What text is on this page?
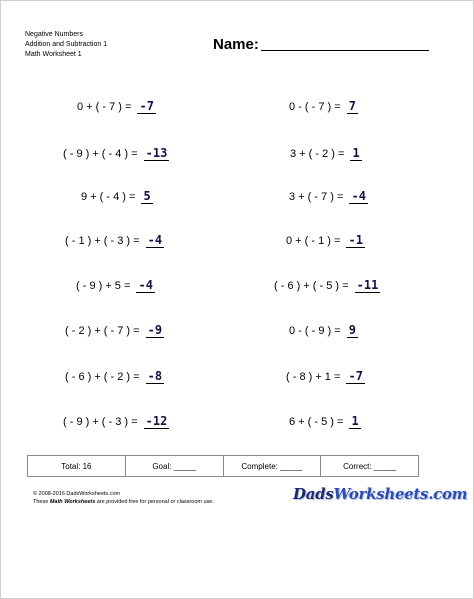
Negative Numbers
Addition and Subtraction 1
Math Worksheet 1
Name:
0 + ( - 7 ) = -7	0 - ( - 7 ) = 7
( - 9 ) + ( - 4 ) = -13	3 + ( - 2 ) = 1
9 + ( - 4 ) = 5	3 + ( - 7 ) = -4
( - 1 ) + ( - 3 ) = -4	0 + ( - 1 ) = -1
( - 9 ) + 5 = -4	( - 6 ) + ( - 5 ) = -11
( - 2 ) + ( - 7 ) = -9	0 - ( - 9 ) = 9
( - 6 ) + ( - 2 ) = -8	( - 8 ) + 1 = -7
( - 9 ) + ( - 3 ) = -12	6 + ( - 5 ) = 1
Total: 16	Goal: _____	Complete: _____	Correct: _____
© 2008-2016 DadsWorksheets.com
These Math Worksheets are provided free for personal or classroom use.	DadsWorksheets.com
